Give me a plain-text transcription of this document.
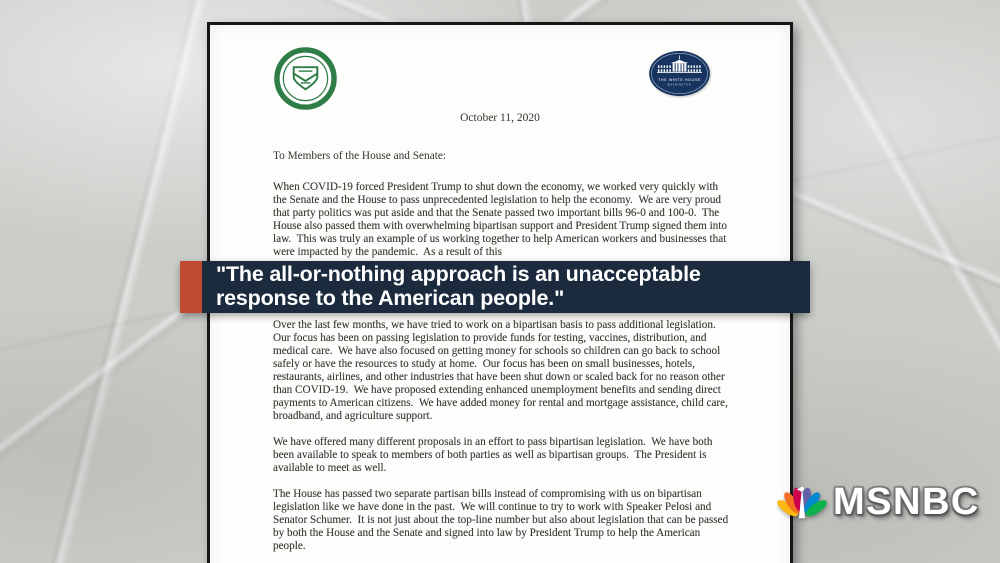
1789
THE WHITE HOUSE
WASHINGTON
October 11, 2020
To Members of the House and Senate:

When COVID-19 forced President Trump to shut down the economy, we worked very quickly with the Senate and the House to pass unprecedented legislation to help the economy.  We are very proud that party politics was put aside and that the Senate passed two important bills 96-0 and 100-0.  The House also passed them with overwhelming bipartisan support and President Trump signed them into law.  This was truly an example of us working together to help American workers and businesses that were impacted by the pandemic.  As a result of this

Over the last few months, we have tried to work on a bipartisan basis to pass additional legislation.  Our focus has been on passing legislation to provide funds for testing, vaccines, distribution, and medical care.  We have also focused on getting money for schools so children can go back to school safely or have the resources to study at home.  Our focus has been on small businesses, hotels, restaurants, airlines, and other industries that have been shut down or scaled back for no reason other than COVID-19.  We have proposed extending enhanced unemployment benefits and sending direct payments to American citizens.  We have added money for rental and mortgage assistance, child care, broadband, and agriculture support.

We have offered many different proposals in an effort to pass bipartisan legislation.  We have both been available to speak to members of both parties as well as bipartisan groups.  The President is available to meet as well.

The House has passed two separate partisan bills instead of compromising with us on bipartisan legislation like we have done in the past.  We will continue to try to work with Speaker Pelosi and Senator Schumer.  It is not just about the top-line number but also about legislation that can be passed by both the House and the Senate and signed into law by President Trump to help the American people.

"The all-or-nothing approach is an unacceptable
response to the American people."
MSNBC
